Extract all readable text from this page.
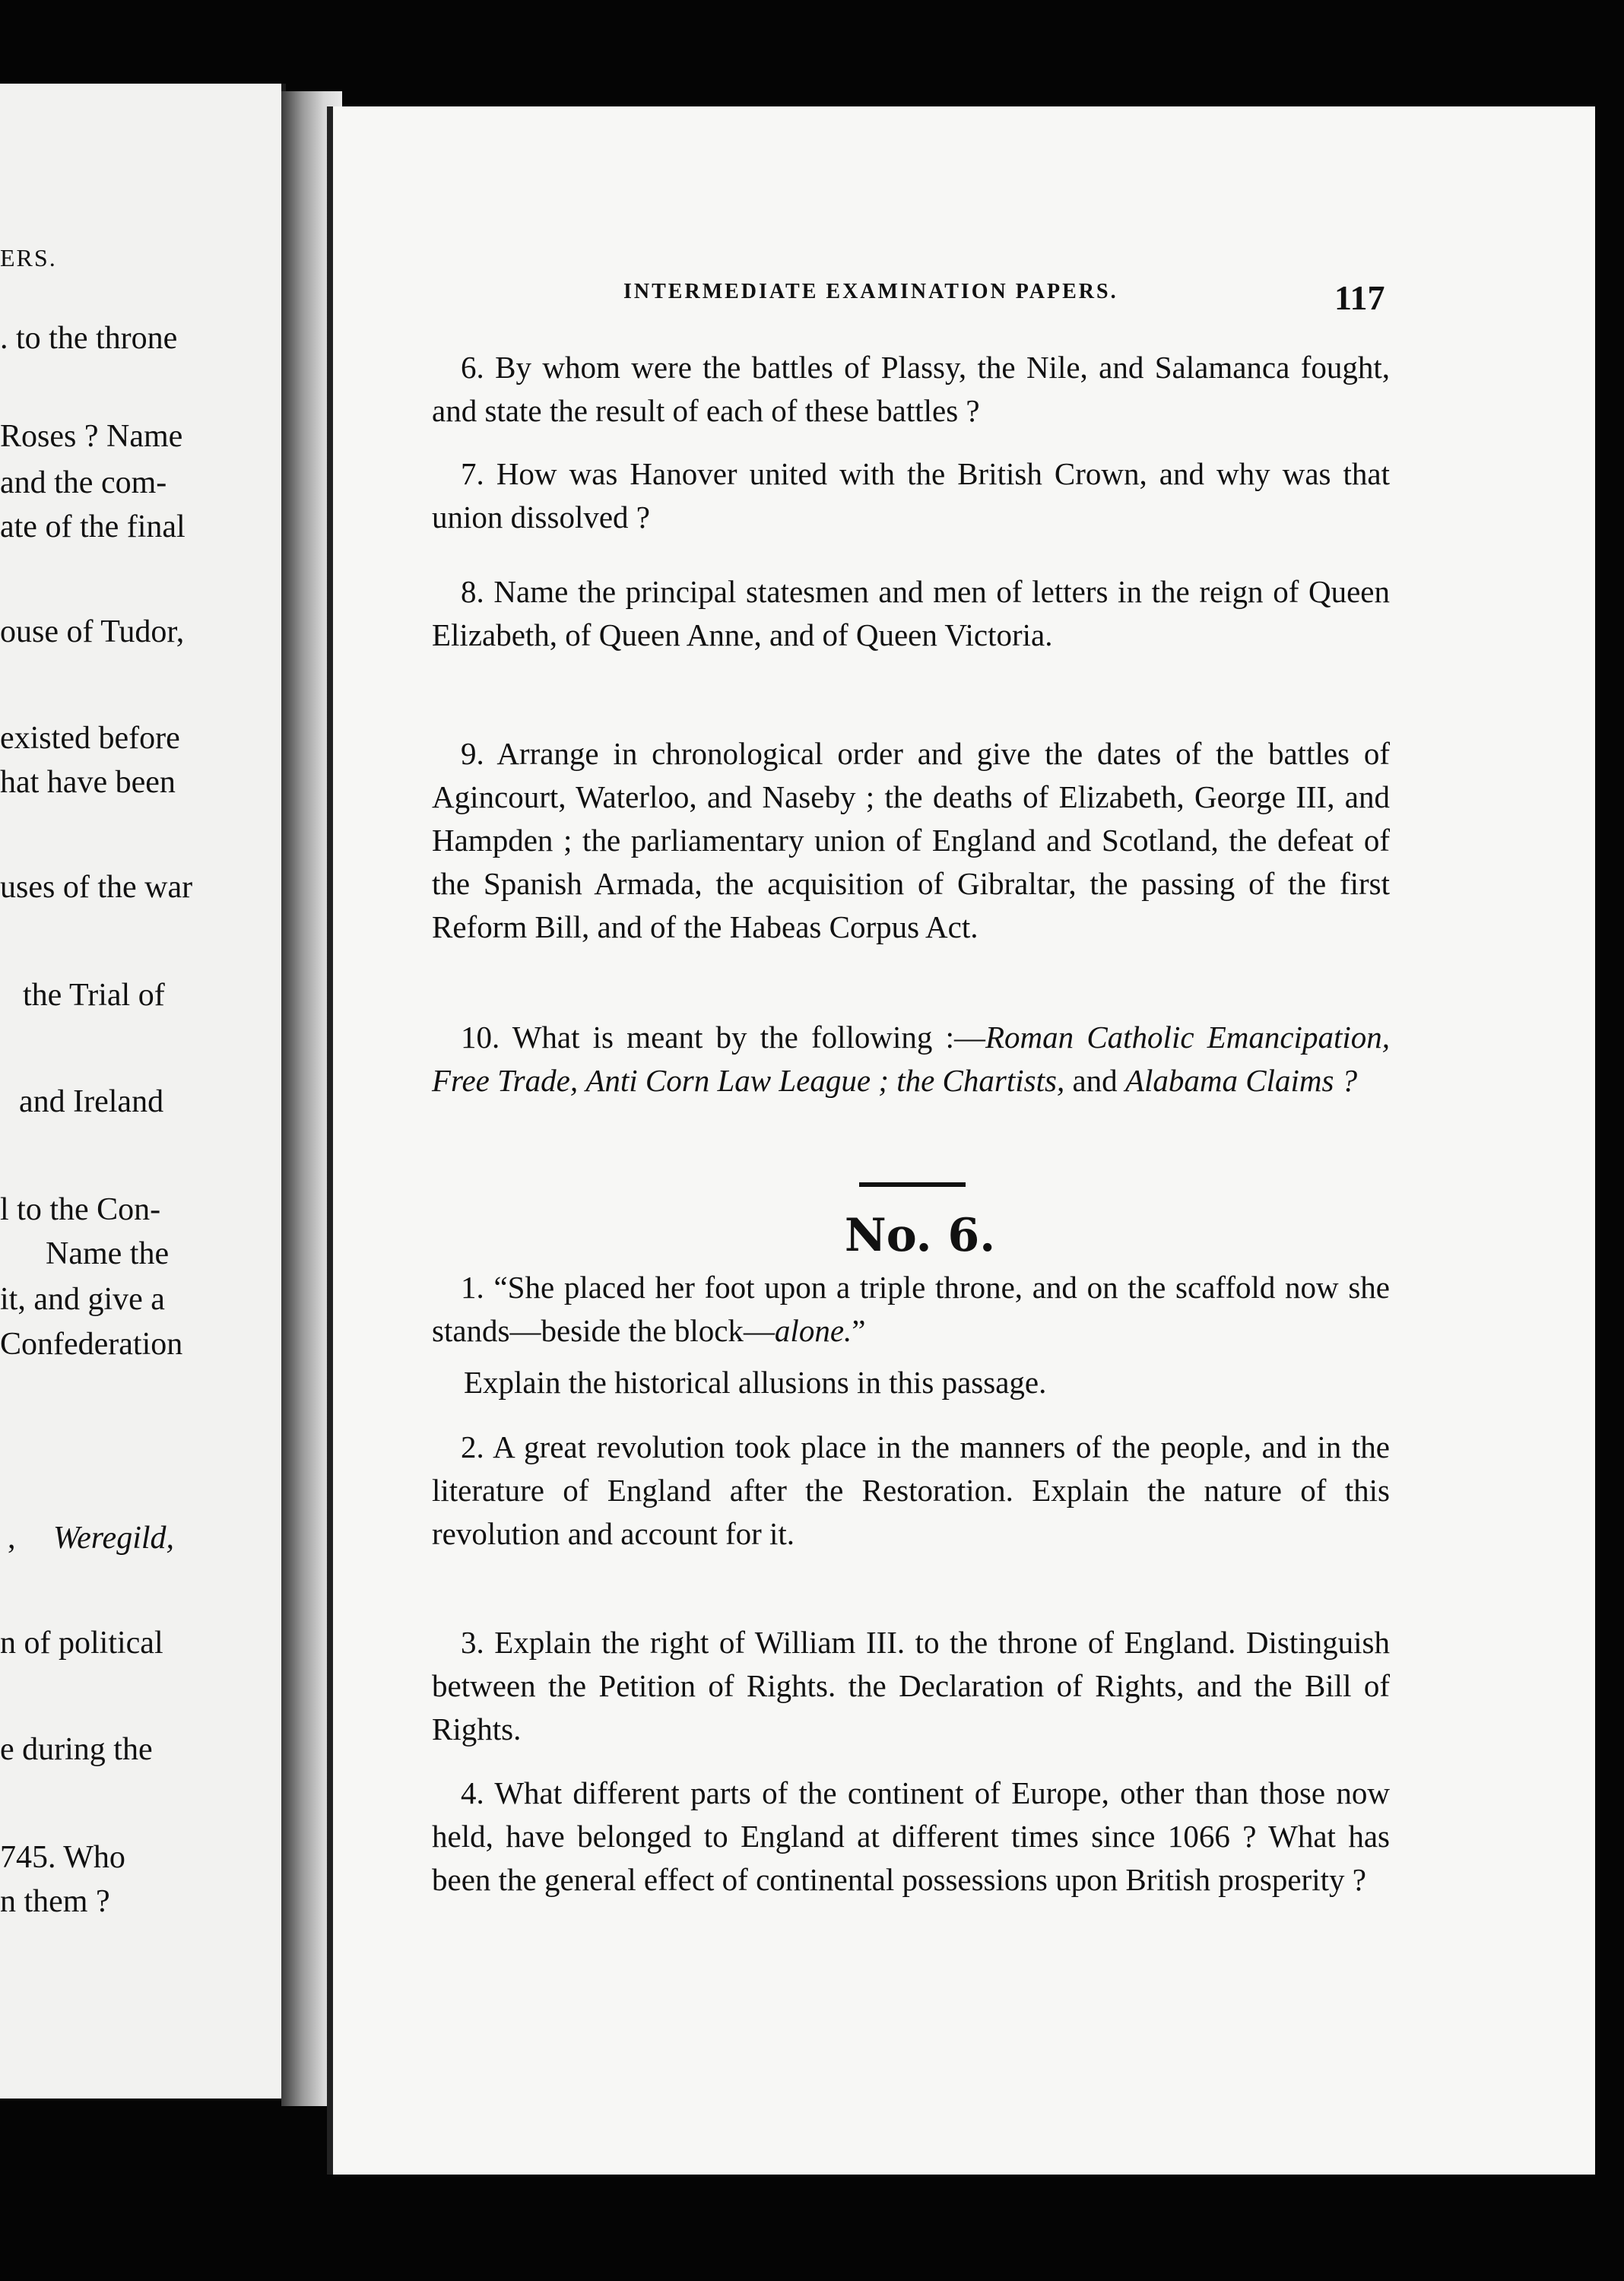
ERS.
. to the throne
Roses ? Name
and the com-
ate of the final
ouse of Tudor,
existed before
hat have been
uses of the war
the Trial of
and Ireland
l to the Con-
Name the
it, and give a
Confederation
, Weregild,
n of political
e during the
745. Who
n them ?
INTERMEDIATE EXAMINATION PAPERS.	117
6. By whom were the battles of Plassy, the Nile, and Salamanca fought, and state the result of each of these battles ?
7. How was Hanover united with the British Crown, and why was that union dissolved ?
8. Name the principal statesmen and men of letters in the reign of Queen Elizabeth, of Queen Anne, and of Queen Victoria.
9. Arrange in chronological order and give the dates of the battles of Agincourt, Waterloo, and Naseby ; the deaths of Elizabeth, George III, and Hampden ; the parliamentary union of England and Scotland, the defeat of the Spanish Armada, the acquisition of Gibraltar, the passing of the first Reform Bill, and of the Habeas Corpus Act.
10. What is meant by the following :—Roman Catholic Emancipation, Free Trade, Anti Corn Law League ; the Chartists, and Alabama Claims ?
No. 6.
1. “She placed her foot upon a triple throne, and on the scaffold now she stands—beside the block—alone.”
Explain the historical allusions in this passage.
2. A great revolution took place in the manners of the people, and in the literature of England after the Restoration. Explain the nature of this revolution and account for it.
3. Explain the right of William III. to the throne of England. Distinguish between the Petition of Rights. the Declaration of Rights, and the Bill of Rights.
4. What different parts of the continent of Europe, other than those now held, have belonged to England at different times since 1066 ? What has been the general effect of continental possessions upon British prosperity ?
